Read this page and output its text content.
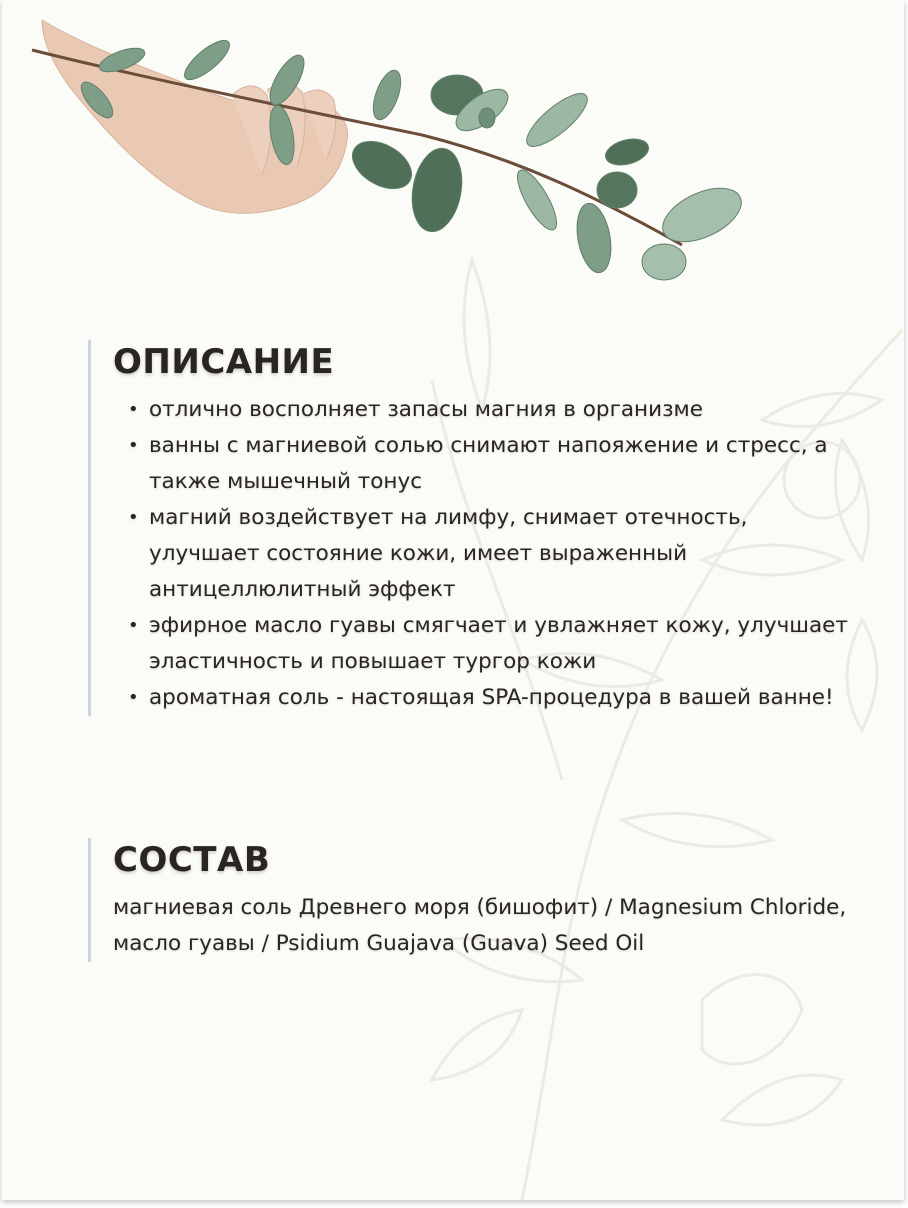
ОПИСАНИЕ
• отлично восполняет запасы магния в организме
• ванны с магниевой солью снимают напояжение и стресс, а также мышечный тонус
• магний воздействует на лимфу, снимает отечность, улучшает состояние кожи, имеет выраженный антицеллюлитный эффект
• эфирное масло гуавы смягчает и увлажняет кожу, улучшает эластичность и повышает тургор кожи
• ароматная соль - настоящая SPA-процедура в вашей ванне!
СОСТАВ

магниевая соль Древнего моря (бишофит) / Magnesium Chloride, масло гуавы / Psidium Guajava (Guava) Seed Oil
